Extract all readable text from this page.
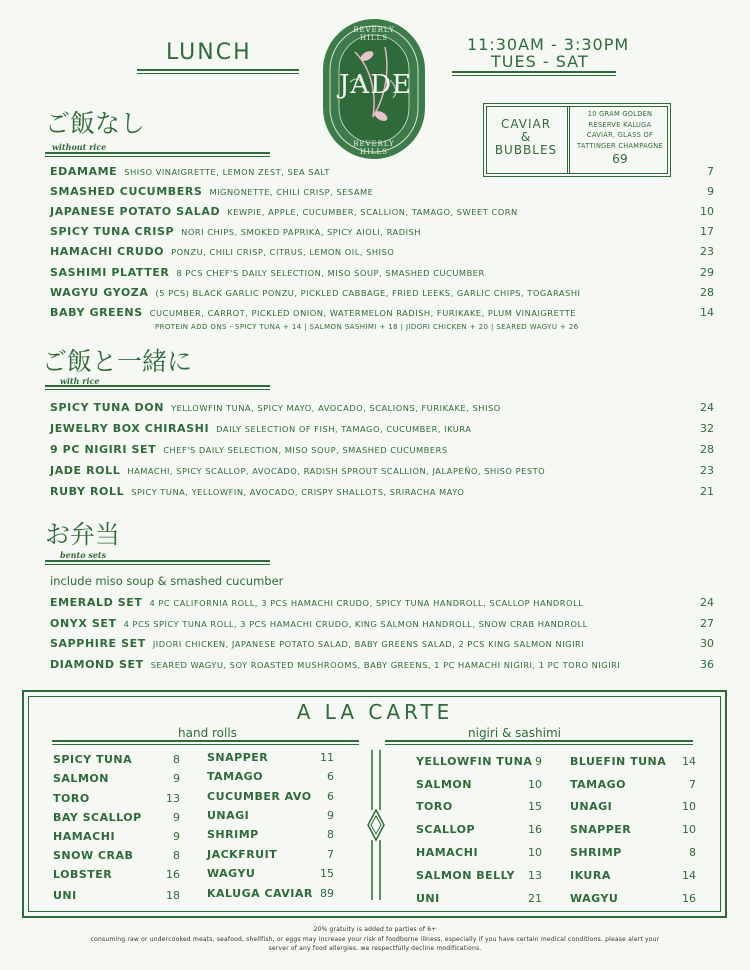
LUNCH	11:30AM - 3:30PM
TUES - SAT
BEVERLY HILLS
JADE
BEVERLY HILLS
CAVIAR
&
BUBBLES
10 GRAM GOLDEN
RESERVE KALUGA
CAVIAR, GLASS OF
TATTINGER CHAMPAGNE
69
ご飯なし
without rice
EDAMAME SHISO VINAIGRETTE, LEMON ZEST, SEA SALT	7
SMASHED CUCUMBERS MIGNONETTE, CHILI CRISP, SESAME	9
JAPANESE POTATO SALAD KEWPIE, APPLE, CUCUMBER, SCALLION, TAMAGO, SWEET CORN	10
SPICY TUNA CRISP NORI CHIPS, SMOKED PAPRIKA, SPICY AIOLI, RADISH	17
HAMACHI CRUDO PONZU, CHILI CRISP, CITRUS, LEMON OIL, SHISO	23
SASHIMI PLATTER 8 PCS CHEF'S DAILY SELECTION, MISO SOUP, SMASHED CUCUMBER	29
WAGYU GYOZA (5 PCS) BLACK GARLIC PONZU, PICKLED CABBAGE, FRIED LEEKS, GARLIC CHIPS, TOGARASHI	28
BABY GREENS CUCUMBER, CARROT, PICKLED ONION, WATERMELON RADISH, FURIKAKE, PLUM VINAIGRETTE	14
PROTEIN ADD ONS - SPICY TUNA + 14 | SALMON SASHIMI + 18 | JIDORI CHICKEN + 20 | SEARED WAGYU + 26
ご飯と一緒に
with rice
SPICY TUNA DON YELLOWFIN TUNA, SPICY MAYO, AVOCADO, SCALIONS, FURIKAKE, SHISO	24
JEWELRY BOX CHIRASHI DAILY SELECTION OF FISH, TAMAGO, CUCUMBER, IKURA	32
9 PC NIGIRI SET CHEF'S DAILY SELECTION, MISO SOUP, SMASHED CUCUMBERS	28
JADE ROLL HAMACHI, SPICY SCALLOP, AVOCADO, RADISH SPROUT SCALLION, JALAPEÑO, SHISO PESTO	23
RUBY ROLL SPICY TUNA, YELLOWFIN, AVOCADO, CRISPY SHALLOTS, SRIRACHA MAYO	21
お弁当
bento sets
include miso soup & smashed cucumber
EMERALD SET 4 PC CALIFORNIA ROLL, 3 PCS HAMACHI CRUDO, SPICY TUNA HANDROLL, SCALLOP HANDROLL	24
ONYX SET 4 PCS SPICY TUNA ROLL, 3 PCS HAMACHI CRUDO, KING SALMON HANDROLL, SNOW CRAB HANDROLL	27
SAPPHIRE SET JIDORI CHICKEN, JAPANESE POTATO SALAD, BABY GREENS SALAD, 2 PCS KING SALMON NIGIRI	30
DIAMOND SET SEARED WAGYU, SOY ROASTED MUSHROOMS, BABY GREENS, 1 PC HAMACHI NIGIRI, 1 PC TORO NIGIRI	36
A LA CARTE
hand rolls	nigiri & sashimi
SPICY TUNA	8
SALMON	9
TORO	13
BAY SCALLOP	9
HAMACHI	9
SNOW CRAB	8
LOBSTER	16
UNI	18
SNAPPER	11
TAMAGO	6
CUCUMBER AVO 6
UNAGI	9
SHRIMP	8
JACKFRUIT	7
WAGYU	15
KALUGA CAVIAR 89
YELLOWFIN TUNA 9
SALMON	10
TORO	15
SCALLOP	16
HAMACHI	10
SALMON BELLY 13
UNI	21
BLUEFIN TUNA 14
TAMAGO	7
UNAGI	10
SNAPPER	10
SHRIMP	8
IKURA	14
WAGYU	16
20% gratuity is added to parties of 6+
consuming raw or undercooked meats, seafood, shellfish, or eggs may increase your risk of foodborne illness, especially if you have certain medical conditions. please alert your
server of any food allergies. we respectfully decline modifications.
